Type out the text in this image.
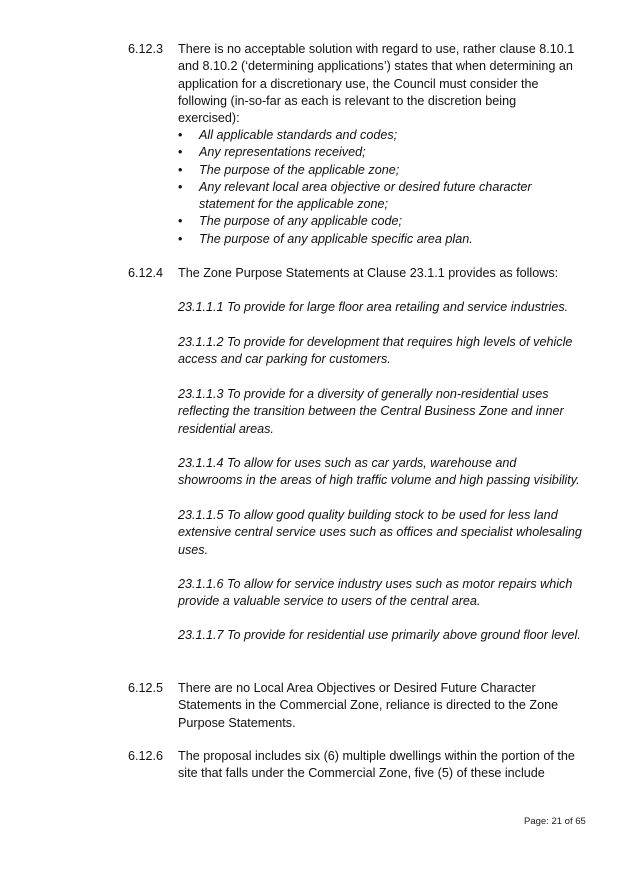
6.12.3 There is no acceptable solution with regard to use, rather clause 8.10.1 and 8.10.2 (‘determining applications’) states that when determining an application for a discretionary use, the Council must consider the following (in-so-far as each is relevant to the discretion being exercised):

• All applicable standards and codes;
• Any representations received;
• The purpose of the applicable zone;
• Any relevant local area objective or desired future character statement for the applicable zone;
• The purpose of any applicable code;
• The purpose of any applicable specific area plan.
6.12.4 The Zone Purpose Statements at Clause 23.1.1 provides as follows:

23.1.1.1 To provide for large floor area retailing and service industries.

23.1.1.2 To provide for development that requires high levels of vehicle access and car parking for customers.

23.1.1.3 To provide for a diversity of generally non-residential uses reflecting the transition between the Central Business Zone and inner residential areas.

23.1.1.4 To allow for uses such as car yards, warehouse and showrooms in the areas of high traffic volume and high passing visibility.

23.1.1.5 To allow good quality building stock to be used for less land extensive central service uses such as offices and specialist wholesaling uses.

23.1.1.6 To allow for service industry uses such as motor repairs which provide a valuable service to users of the central area.

23.1.1.7 To provide for residential use primarily above ground floor level.

6.12.5 There are no Local Area Objectives or Desired Future Character Statements in the Commercial Zone, reliance is directed to the Zone Purpose Statements.

6.12.6 The proposal includes six (6) multiple dwellings within the portion of the site that falls under the Commercial Zone, five (5) of these include

Page: 21 of 65
